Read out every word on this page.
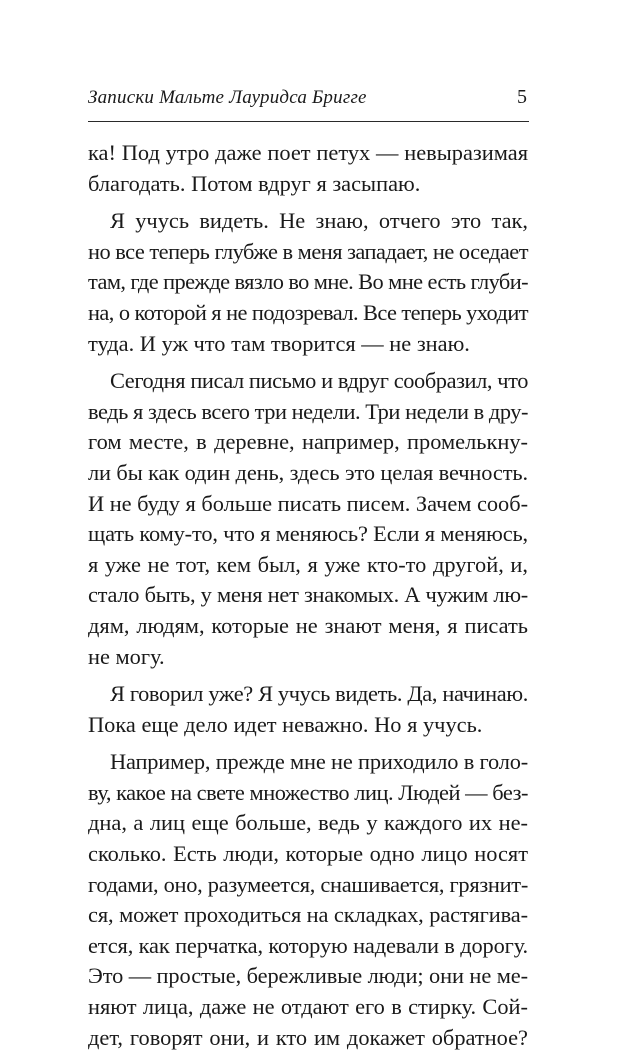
Записки Мальте Лауридса Бригге	5

ка! Под утро даже поет петух — невыразимая
благодать. Потом вдруг я засыпаю.

Я учусь видеть. Не знаю, отчего это так,
но все теперь глубже в меня западает, не оседает
там, где прежде вязло во мне. Во мне есть глуби-
на, о которой я не подозревал. Все теперь уходит
туда. И уж что там творится — не знаю.

Сегодня писал письмо и вдруг сообразил, что
ведь я здесь всего три недели. Три недели в дру-
гом месте, в деревне, например, промелькну-
ли бы как один день, здесь это целая вечность.
И не буду я больше писать писем. Зачем сооб-
щать кому-то, что я меняюсь? Если я меняюсь,
я уже не тот, кем был, я уже кто-то другой, и,
стало быть, у меня нет знакомых. А чужим лю-
дям, людям, которые не знают меня, я писать
не могу.

Я говорил уже? Я учусь видеть. Да, начинаю.
Пока еще дело идет неважно. Но я учусь.

Например, прежде мне не приходило в голо-
ву, какое на свете множество лиц. Людей — без-
дна, а лиц еще больше, ведь у каждого их не-
сколько. Есть люди, которые одно лицо носят
годами, оно, разумеется, снашивается, грязнит-
ся, может проходиться на складках, растягива-
ется, как перчатка, которую надевали в дорогу.
Это — простые, бережливые люди; они не ме-
няют лица, даже не отдают его в стирку. Сой-
дет, говорят они, и кто им докажет обратное?
